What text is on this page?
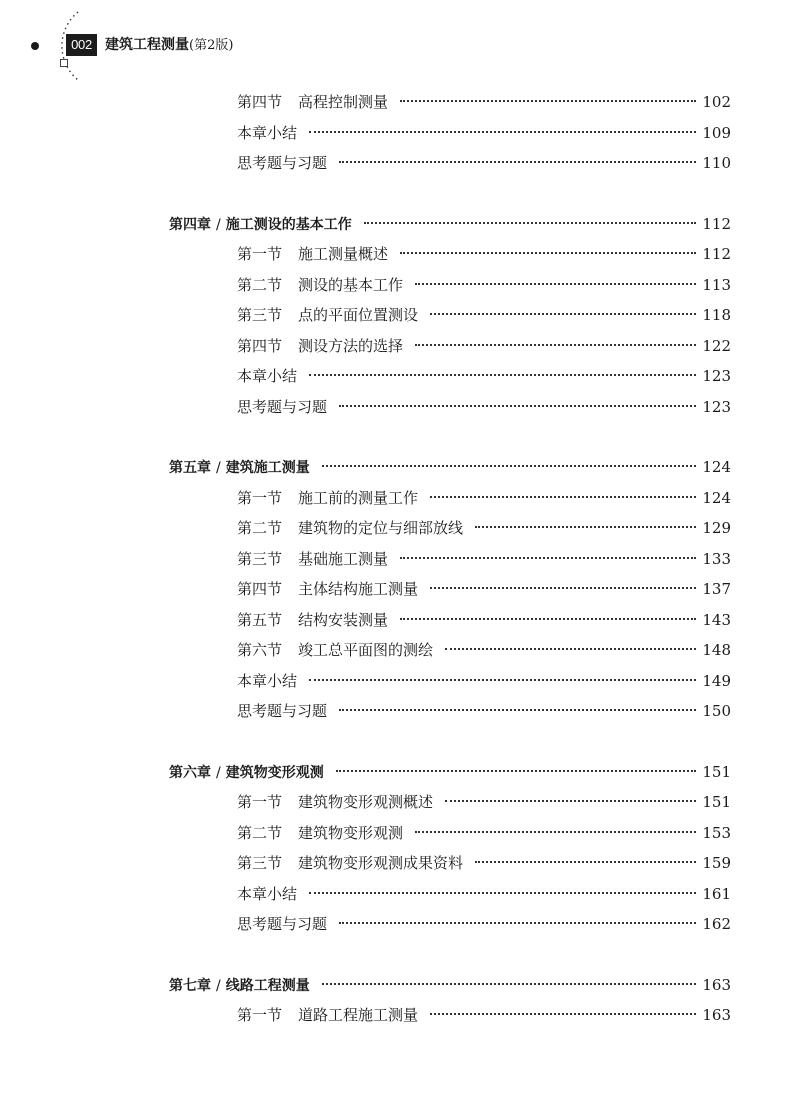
002 建筑工程测量(第2版)
第四节 高程控制测量	102
本章小结	109
思考题与习题	110
第四章 / 施工测设的基本工作	112
第一节 施工测量概述	112
第二节 测设的基本工作	113
第三节 点的平面位置测设	118
第四节 测设方法的选择	122
本章小结	123
思考题与习题	123
第五章 / 建筑施工测量	124
第一节 施工前的测量工作	124
第二节 建筑物的定位与细部放线	129
第三节 基础施工测量	133
第四节 主体结构施工测量	137
第五节 结构安装测量	143
第六节 竣工总平面图的测绘	148
本章小结	149
思考题与习题	150
第六章 / 建筑物变形观测	151
第一节 建筑物变形观测概述	151
第二节 建筑物变形观测	153
第三节 建筑物变形观测成果资料	159
本章小结	161
思考题与习题	162
第七章 / 线路工程测量	163
第一节 道路工程施工测量	163
